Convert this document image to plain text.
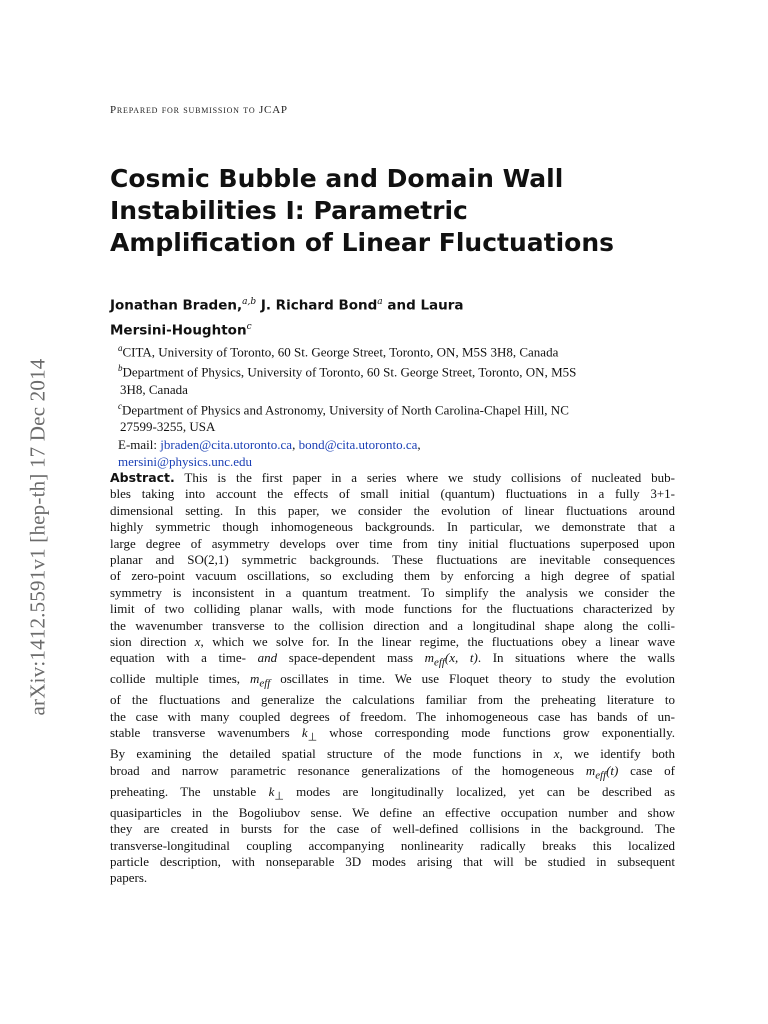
arXiv:1412.5591v1 [hep-th] 17 Dec 2014
Prepared for submission to JCAP
Cosmic Bubble and Domain Wall
Instabilities I: Parametric
Amplification of Linear Fluctuations
Jonathan Braden,$^{a,b}$ J. Richard Bond$^a$ and Laura
Mersini-Houghton$^c$
$^a$CITA, University of Toronto, 60 St. George Street, Toronto, ON, M5S 3H8, Canada
$^b$Department of Physics, University of Toronto, 60 St. George Street, Toronto, ON, M5S
3H8, Canada
$^c$Department of Physics and Astronomy, University of North Carolina-Chapel Hill, NC
27599-3255, USA
E-mail: jbraden@cita.utoronto.ca, bond@cita.utoronto.ca,
mersini@physics.unc.edu
Abstract. This is the first paper in a series where we study collisions of nucleated bub-
bles taking into account the effects of small initial (quantum) fluctuations in a fully 3+1-
dimensional setting. In this paper, we consider the evolution of linear fluctuations around
highly symmetric though inhomogeneous backgrounds. In particular, we demonstrate that a
large degree of asymmetry develops over time from tiny initial fluctuations superposed upon
planar and SO(2,1) symmetric backgrounds. These fluctuations are inevitable consequences
of zero-point vacuum oscillations, so excluding them by enforcing a high degree of spatial
symmetry is inconsistent in a quantum treatment. To simplify the analysis we consider the
limit of two colliding planar walls, with mode functions for the fluctuations characterized by
the wavenumber transverse to the collision direction and a longitudinal shape along the colli-
sion direction x, which we solve for. In the linear regime, the fluctuations obey a linear wave
equation with a time- and space-dependent mass $m_{eff}(x$, t). In situations where the walls
collide multiple times, $m_{eff}$ oscillates in time. We use Floquet theory to study the evolution
of the fluctuations and generalize the calculations familiar from the preheating literature to
the case with many coupled degrees of freedom. The inhomogeneous case has bands of un-
stable transverse wavenumbers $k_\perp$ whose corresponding mode functions grow exponentially.
By examining the detailed spatial structure of the mode functions in x, we identify both
broad and narrow parametric resonance generalizations of the homogeneous $m_{eff}(t)$ case of
preheating. The unstable $k_\perp$ modes are longitudinally localized, yet can be described as
quasiparticles in the Bogoliubov sense. We define an effective occupation number and show
they are created in bursts for the case of well-defined collisions in the background. The
transverse-longitudinal coupling accompanying nonlinearity radically breaks this localized
particle description, with nonseparable 3D modes arising that will be studied in subsequent
papers.
